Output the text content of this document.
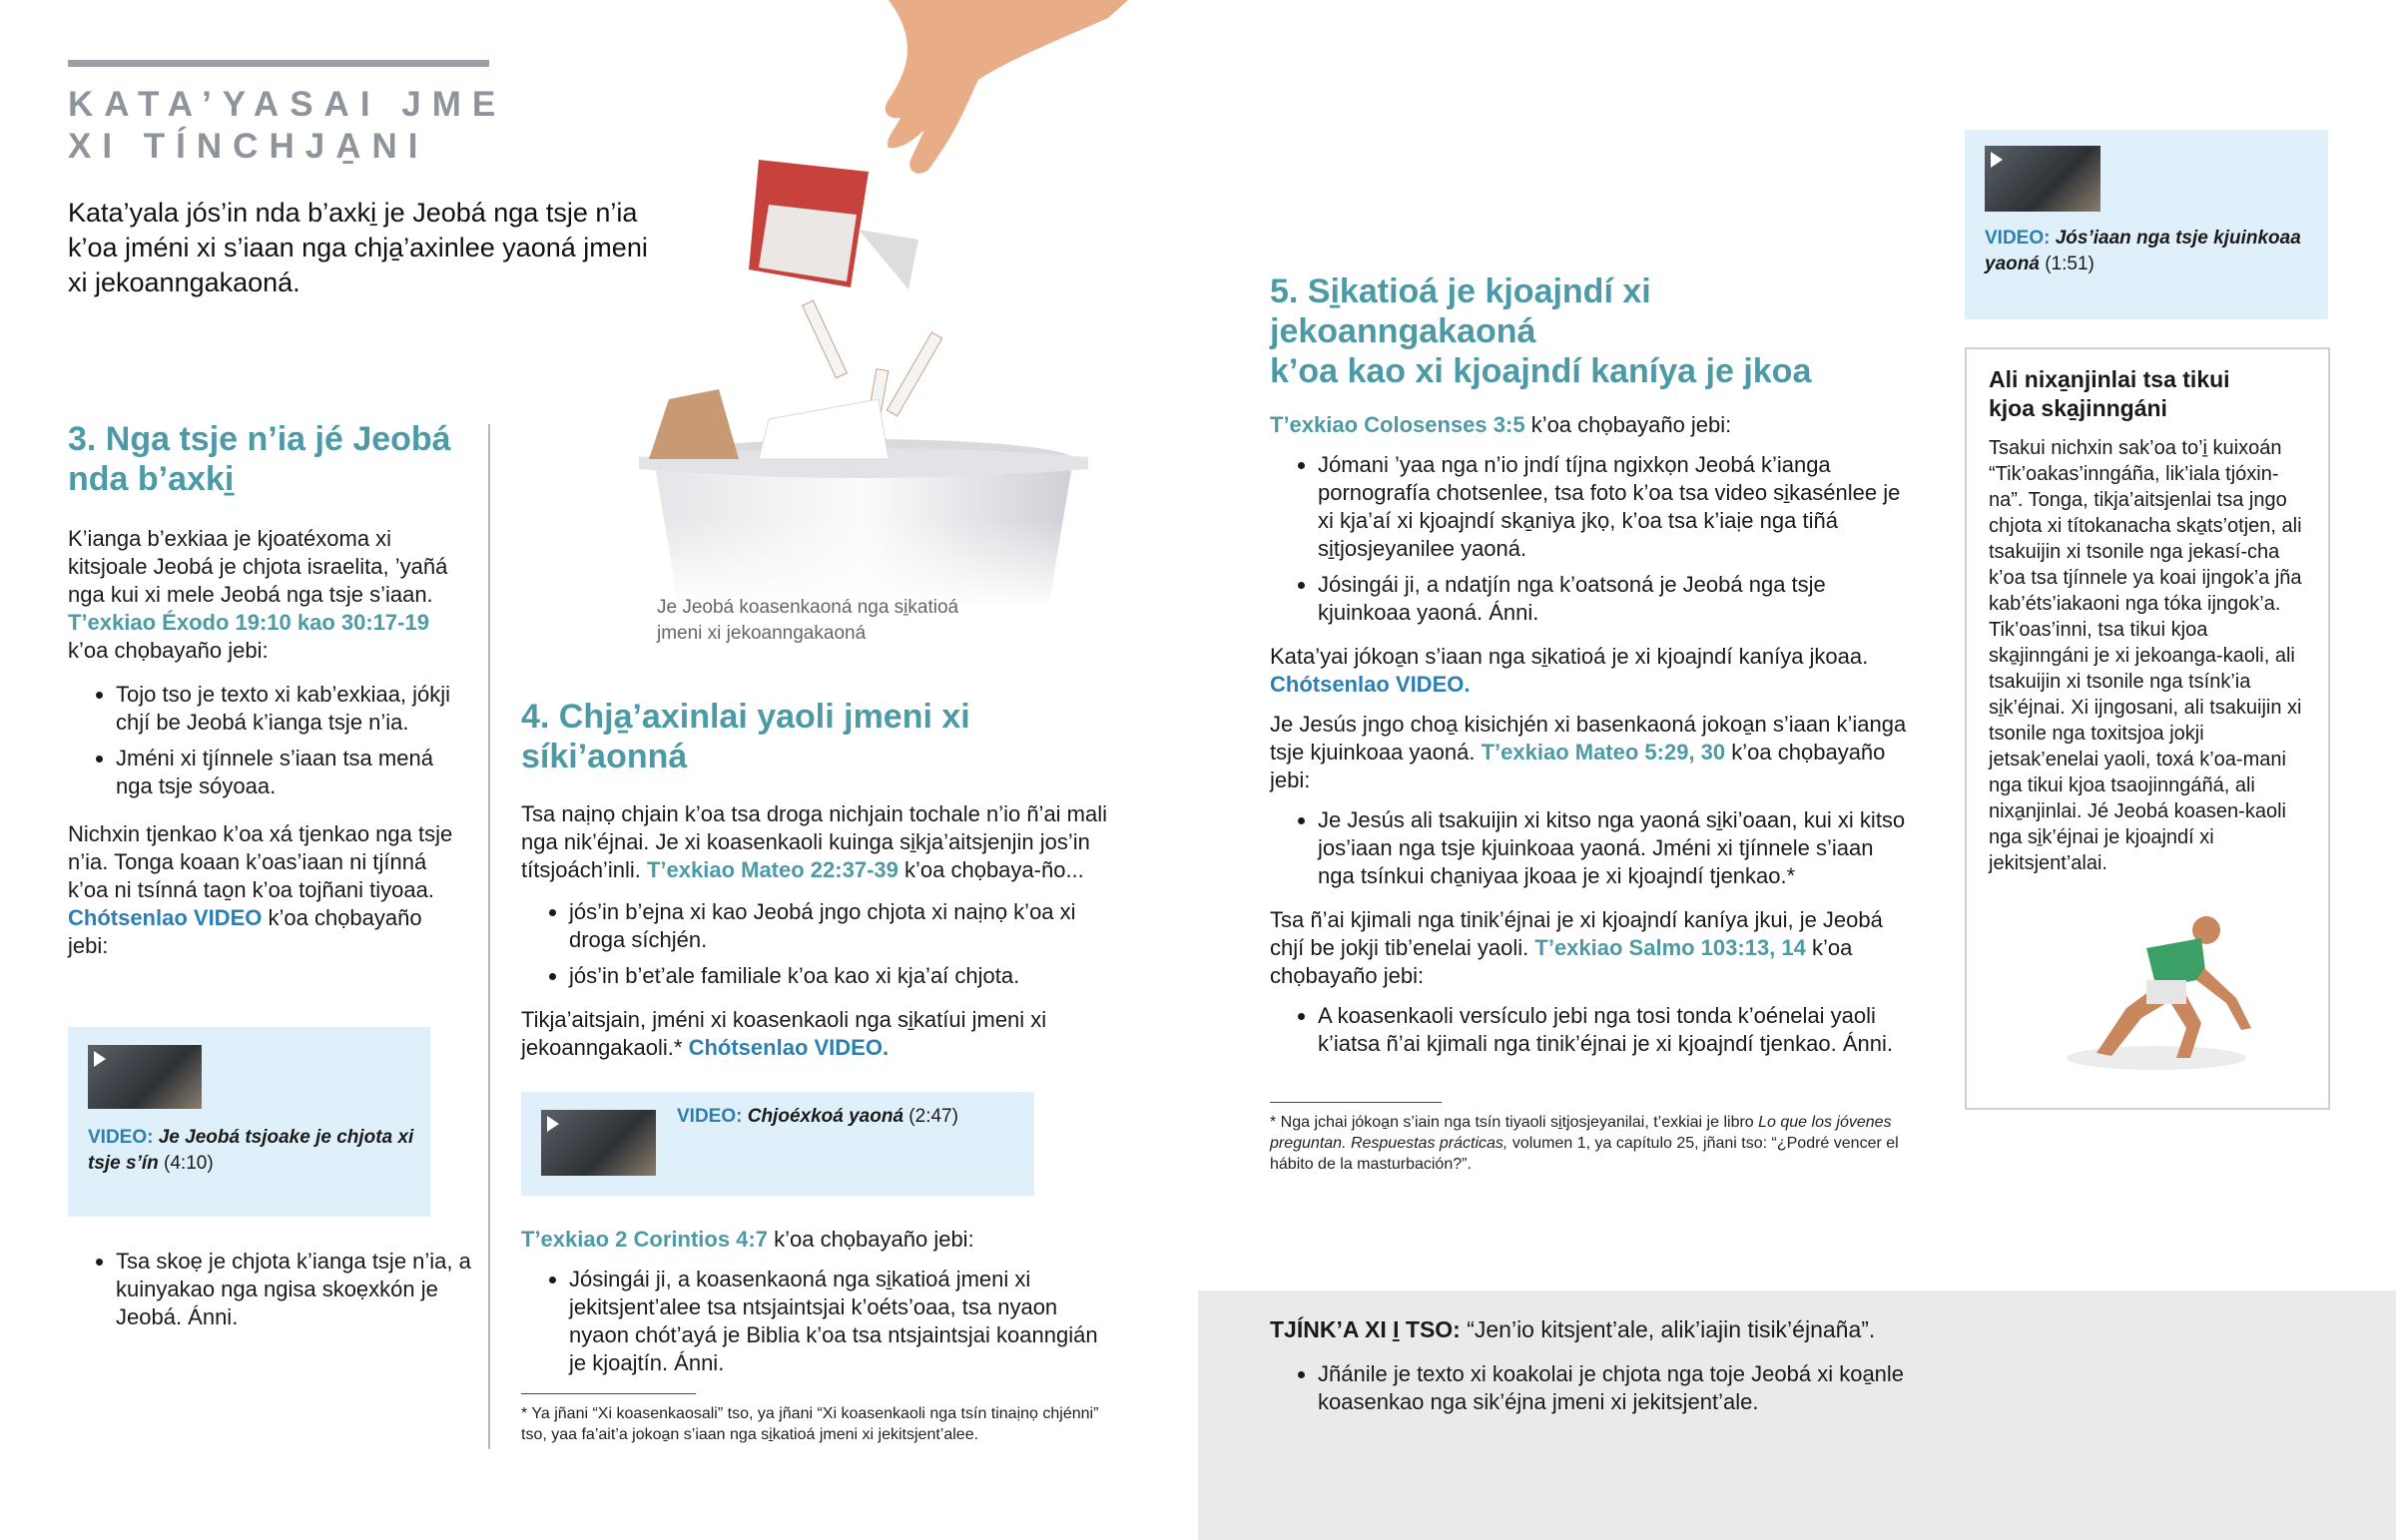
KATA’YASAI JME
XI TÍNCHJA̱NI
Kata’yala jós’in nda b’axki̱ je Jeobá nga tsje n’ia k’oa jméni xi s’iaan nga chja̱’axinlee yaoná jmeni xi jekoanngakaoná.
Je Jeobá koasenkaoná nga si̱katioá
jmeni xi jekoanngakaoná
3. Nga tsje n’ia jé Jeobá
nda b’axki̱

K’ianga b’exkiaa je kjoatéxoma xi kitsjoale Jeobá je chjota israelita, ’yañá nga kui xi mele Jeobá nga tsje s’iaan. T’exkiao Éxodo 19:10 kao 30:17-19 k’oa chọbayaño jebi:

• Tojo tso je texto xi kab’exkiaa, jókji chjí be Jeobá k’ianga tsje n’ia.
• Jméni xi tjínnele s’iaan tsa mená nga tsje sóyoaa.

Nichxin tjenkao k’oa xá tjenkao nga tsje n’ia. Tonga koaan k’oas’iaan ni tjínná k’oa ni tsínná tao̱n k’oa tojñani tiyoaa. Chótsenlao VIDEO k’oa chọbayaño jebi:

VIDEO: Je Jeobá tsjoake je chjota xi tsje s’ín (4:10)
• Tsa skoẹ je chjota k’ianga tsje n’ia, a kuinyakao nga ngisa skoẹxkón je Jeobá. Ánni.
4. Chja̱’axinlai yaoli jmeni xi síki’aonná

Tsa naịnọ chjain k’oa tsa droga nichjain tochale n’io ñ’ai mali nga nik’éjnai. Je xi koasenkaoli kuinga si̱kja’aitsjenjin jos’in títsjoách’inli. T’exkiao Mateo 22:37-39 k’oa chọbaya-ño...

• jós’in b’ejna xi kao Jeobá jngo chjota xi naịnọ k’oa xi droga síchjén.
• jós’in b’et’ale familiale k’oa kao xi kja’aí chjota.

Tikja’aitsjain, jméni xi koasenkaoli nga si̱katíui jmeni xi jekoanngakaoli.* Chótsenlao VIDEO.

VIDEO: Chjoéxkoá yaoná (2:47)

T’exkiao 2 Corintios 4:7 k’oa chọbayaño jebi:

• Jósingái ji, a koasenkaoná nga si̱katioá jmeni xi jekitsjent’alee tsa ntsjaintsjai k’oéts’oaa, tsa nyaon nyaon chót’ayá je Biblia k’oa tsa ntsjaintsjai koanngián je kjoajtín. Ánni.
* Ya jñani “Xi koasenkaosali” tso, ya jñani “Xi koasenkaoli nga tsín tinaịnọ chjénni” tso, yaa fa’ait’a jokoa̱n s’iaan nga si̱katioá jmeni xi jekitsjent’alee.
5. Si̱katioá je kjoajndí xi jekoanngakaoná
k’oa kao xi kjoajndí kaníya je jkoa

T’exkiao Colosenses 3:5 k’oa chọbayaño jebi:

• Jómani ’yaa nga n’io jndí tíjna ngixkọn Jeobá k’ianga pornografía chotsenlee, tsa foto k’oa tsa video si̱kasénlee je xi kja’aí xi kjoajndí ska̱niya jkọ, k’oa tsa k’iaịe nga tiñá si̱tjosjeyanilee yaoná.
• Jósingái ji, a ndatjín nga k’oatsoná je Jeobá nga tsje kjuinkoaa yaoná. Ánni.

Kata’yai jókoa̱n s’iaan nga si̱katioá je xi kjoajndí kaníya jkoaa. Chótsenlao VIDEO.

Je Jesús jngo choa̱ kisichjén xi basenkaoná jokoa̱n s’iaan k’ianga tsje kjuinkoaa yaoná. T’exkiao Mateo 5:29, 30 k’oa chọbayaño jebi:

• Je Jesús ali tsakuijin xi kitso nga yaoná si̱ki’oaan, kui xi kitso jos’iaan nga tsje kjuinkoaa yaoná. Jméni xi tjínnele s’iaan nga tsínkui cha̱niyaa jkoaa je xi kjoajndí tjenkao.*

Tsa ñ’ai kjimali nga tinik’éjnai je xi kjoajndí kaníya jkui, je Jeobá chjí be jokji tib’enelai yaoli. T’exkiao Salmo 103:13, 14 k’oa chọbayaño jebi:

• A koasenkaoli versículo jebi nga tosi tonda k’oénelai yaoli k’iatsa ñ’ai kjimali nga tinik’éjnai je xi kjoajndí tjenkao. Ánni.
* Nga jchai jókoa̱n s’iain nga tsín tiyaoli si̱tjosjeyanilai, t’exkiai je libro Lo que los jóvenes preguntan. Respuestas prácticas, volumen 1, ya capítulo 25, jñani tso: “¿Podré vencer el hábito de la masturbación?”.
VIDEO: Jós’iaan nga tsje kjuinkoaa yaoná (1:51)
Ali nixa̱njinlai tsa tikui
kjoa ska̱jinngáni
Tsakui nichxin sak’oa to’i̱ kuixoán “Tik’oakas’inngáña, lik’iala tjóxin-na”. Tonga, tikja’aitsjenlai tsa jngo chjota xi títokanacha ska̱ts’otjen, ali tsakuijin xi tsonile nga jekasí-cha k’oa tsa tjínnele ya koai ijngok’a jña kab’éts’iakaoni nga tóka ijngok’a. Tik’oas’inni, tsa tikui kjoa ska̱jinngáni je xi jekoanga-kaoli, ali tsakuijin xi tsonile nga tsínk’ia si̱k’éjnai. Xi ijngosani, ali tsakuijin xi tsonile nga toxitsjoa jokji jetsak’enelai yaoli, toxá k’oa-mani nga tikui kjoa tsaojinngáñá, ali nixa̱njinlai. Jé Jeobá koasen-kaoli nga si̱k’éjnai je kjoajndí xi jekitsjent’alai.
TJÍNK’A XI I̱ TSO: “Jen’io kitsjent’ale, alik’iajin tisik’éjnaña”.
• Jñánile je texto xi koakolai je chjota nga toje Jeobá xi koa̱nle koasenkao nga sik’éjna jmeni xi jekitsjent’ale.
